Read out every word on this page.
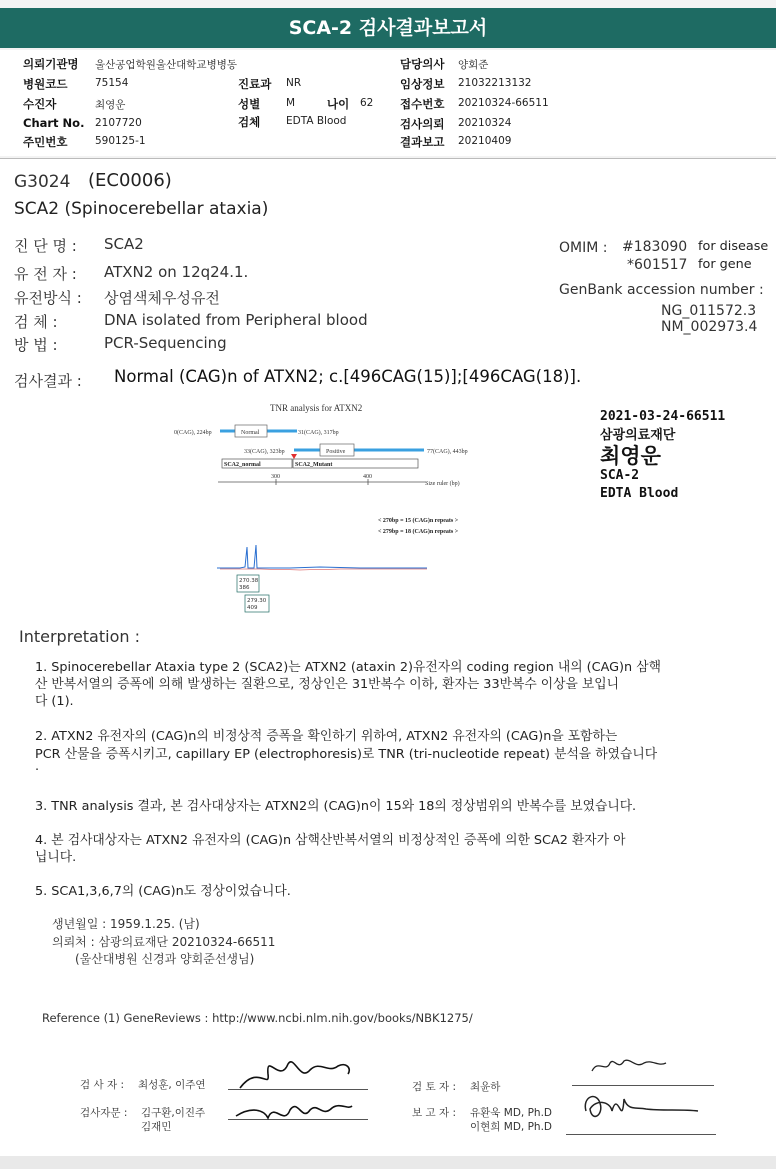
SCA-2 검사결과보고서
의뢰기관명 울산공업학원울산대학교병병동
병원코드	75154	진료과 NR
수진자	최영운	성별 M	나이 62
Chart No. 2107720	검체 EDTA Blood
주민번호	590125-1
담당의사 양회준
임상정보 21032213132
접수번호 20210324-66511
검사의뢰 20210324
결과보고 20210409
G3024 (EC0006)
SCA2 (Spinocerebellar ataxia)
진 단 명 : SCA2
유 전 자 : ATXN2 on 12q24.1.
유전방식 : 상염색체우성유전
검 체 :	DNA isolated from Peripheral blood
방 법 :	PCR-Sequencing
OMIM : #183090 for disease
*601517 for gene
GenBank accession number :
NG_011572.3
NM_002973.4
검사결과 : Normal (CAG)n of ATXN2; c.[496CAG(15)];[496CAG(18)].
TNR analysis for ATXN2
0(CAG), 224bp	Normal	31(CAG), 317bp
33(CAG), 323bp	Positive	77(CAG), 443bp
SCA2_normal	SCA2_Mutant
300	400
Size ruler (bp)
< 270bp = 15 (CAG)n repeats >
< 279bp = 18 (CAG)n repeats >
270.38
386
279.30
409
2021-03-24-66511
삼광의료재단
최영운
SCA-2
EDTA Blood
Interpretation :
1. Spinocerebellar Ataxia type 2 (SCA2)는 ATXN2 (ataxin 2)유전자의 coding region 내의 (CAG)n 삼핵
산 반복서열의 증폭에 의해 발생하는 질환으로, 정상인은 31반복수 이하, 환자는 33반복수 이상을 보입니
다 (1).
2. ATXN2 유전자의 (CAG)n의 비정상적 증폭을 확인하기 위하여, ATXN2 유전자의 (CAG)n을 포함하는
PCR 산물을 증폭시키고, capillary EP (electrophoresis)로 TNR (tri-nucleotide repeat) 분석을 하였습니다
.
3. TNR analysis 결과, 본 검사대상자는 ATXN2의 (CAG)n이 15와 18의 정상범위의 반복수를 보였습니다.
4. 본 검사대상자는 ATXN2 유전자의 (CAG)n 삼핵산반복서열의 비정상적인 증폭에 의한 SCA2 환자가 아
닙니다.
5. SCA1,3,6,7의 (CAG)n도 정상이었습니다.
생년월일 : 1959.1.25. (남)
의뢰처 : 삼광의료재단 20210324-66511
(울산대병원 신경과 양회준선생님)
Reference (1) GeneReviews : http://www.ncbi.nlm.nih.gov/books/NBK1275/
검 사 자 : 최성훈, 이주연
검사자문 : 김구환,이진주
김재민
검 토 자 : 최윤하
보 고 자 : 유환욱 MD, Ph.D
이현희 MD, Ph.D
